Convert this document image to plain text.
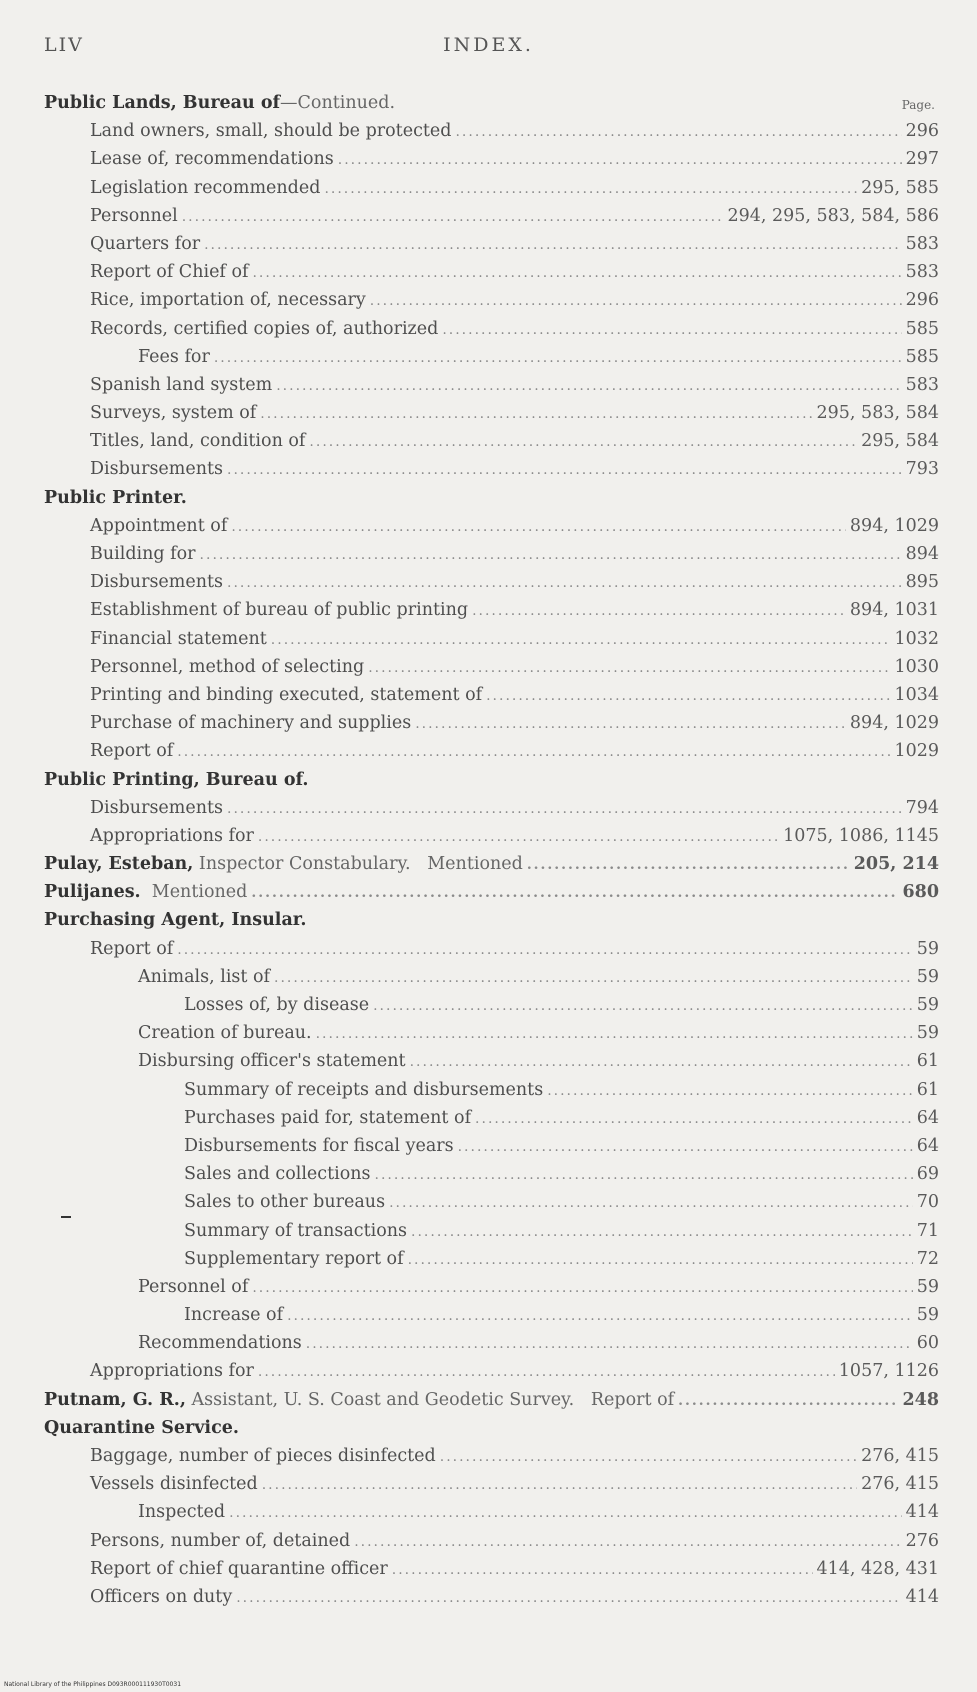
LIV	INDEX.
Page.
Public Lands, Bureau of —Continued.
Land owners, small, should be protected .....	296
Lease of, recommendations .....	297
Legislation recommended .....	295, 585
Personnel .....	294, 295, 583, 584, 586
Quarters for .....	583
Report of Chief of .....	583
Rice, importation of, necessary .....	296
Records, certified copies of, authorized .....	585
Fees for .....	585
Spanish land system .....	583
Surveys, system of .....	295, 583, 584
Titles, land, condition of .....	295, 584
Disbursements .....	793
Public Printer.
Appointment of .....	894, 1029
Building for .....	894
Disbursements .....	895
Establishment of bureau of public printing .....	894, 1031
Financial statement .....	1032
Personnel, method of selecting .....	1030
Printing and binding executed, statement of .....	1034
Purchase of machinery and supplies .....	894, 1029
Report of .....	1029
Public Printing, Bureau of.
Disbursements .....	794
Appropriations for .....	1075, 1086, 1145
Pulay, Esteban, Inspector Constabulary.   Mentioned .....	205, 214
Pulijanes. Mentioned .....	680
Purchasing Agent, Insular.
Report of .....	59
Animals, list of .....	59
Losses of, by disease .....	59
Creation of bureau. .....	59
Disbursing officer's statement .....	61
Summary of receipts and disbursements .....	61
Purchases paid for, statement of .....	64
Disbursements for fiscal years .....	64
Sales and collections .....	69
Sales to other bureaus .....	70
Summary of transactions .....	71
Supplementary report of .....	72
Personnel of .....	59
Increase of .....	59
Recommendations .....	60
Appropriations for .....	1057, 1126
Putnam, G. R., Assistant, U. S. Coast and Geodetic Survey.   Report of .....	248
Quarantine Service.
Baggage, number of pieces disinfected .....	276, 415
Vessels disinfected .....	276, 415
Inspected .....	414
Persons, number of, detained .....	276
Report of chief quarantine officer .....	414, 428, 431
Officers on duty .....	414
National Library of the Philippines D093R000111930T0031
